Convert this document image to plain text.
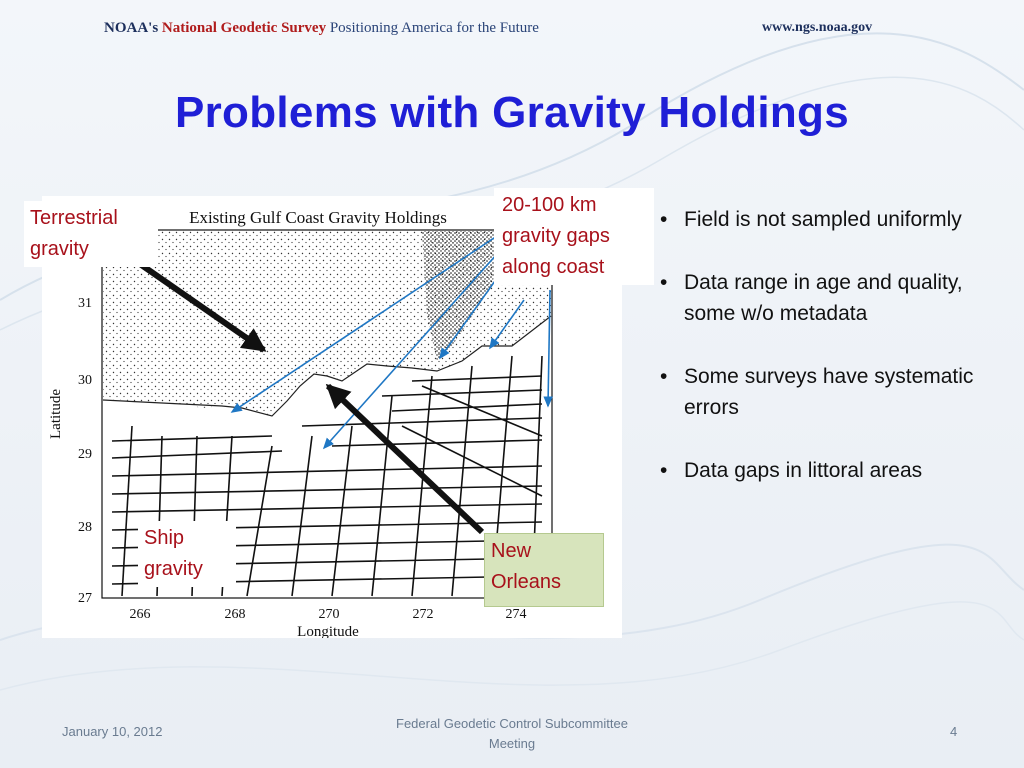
NOAA's National Geodetic Survey Positioning America for the Future	www.ngs.noaa.gov
Problems with Gravity Holdings
Existing Gulf Coast Gravity Holdings
31
30
29
28
27
Latitude
266	268	270	272	274
Longitude
Terrestrial
gravity
20-100 km
gravity gaps
along coast
Ship
gravity
New
Orleans
• Field is not sampled uniformly
• Data range in age and quality, some w/o metadata
• Some surveys have systematic errors
• Data gaps in littoral areas
January 10, 2012
Federal Geodetic Control Subcommittee
Meeting
4
